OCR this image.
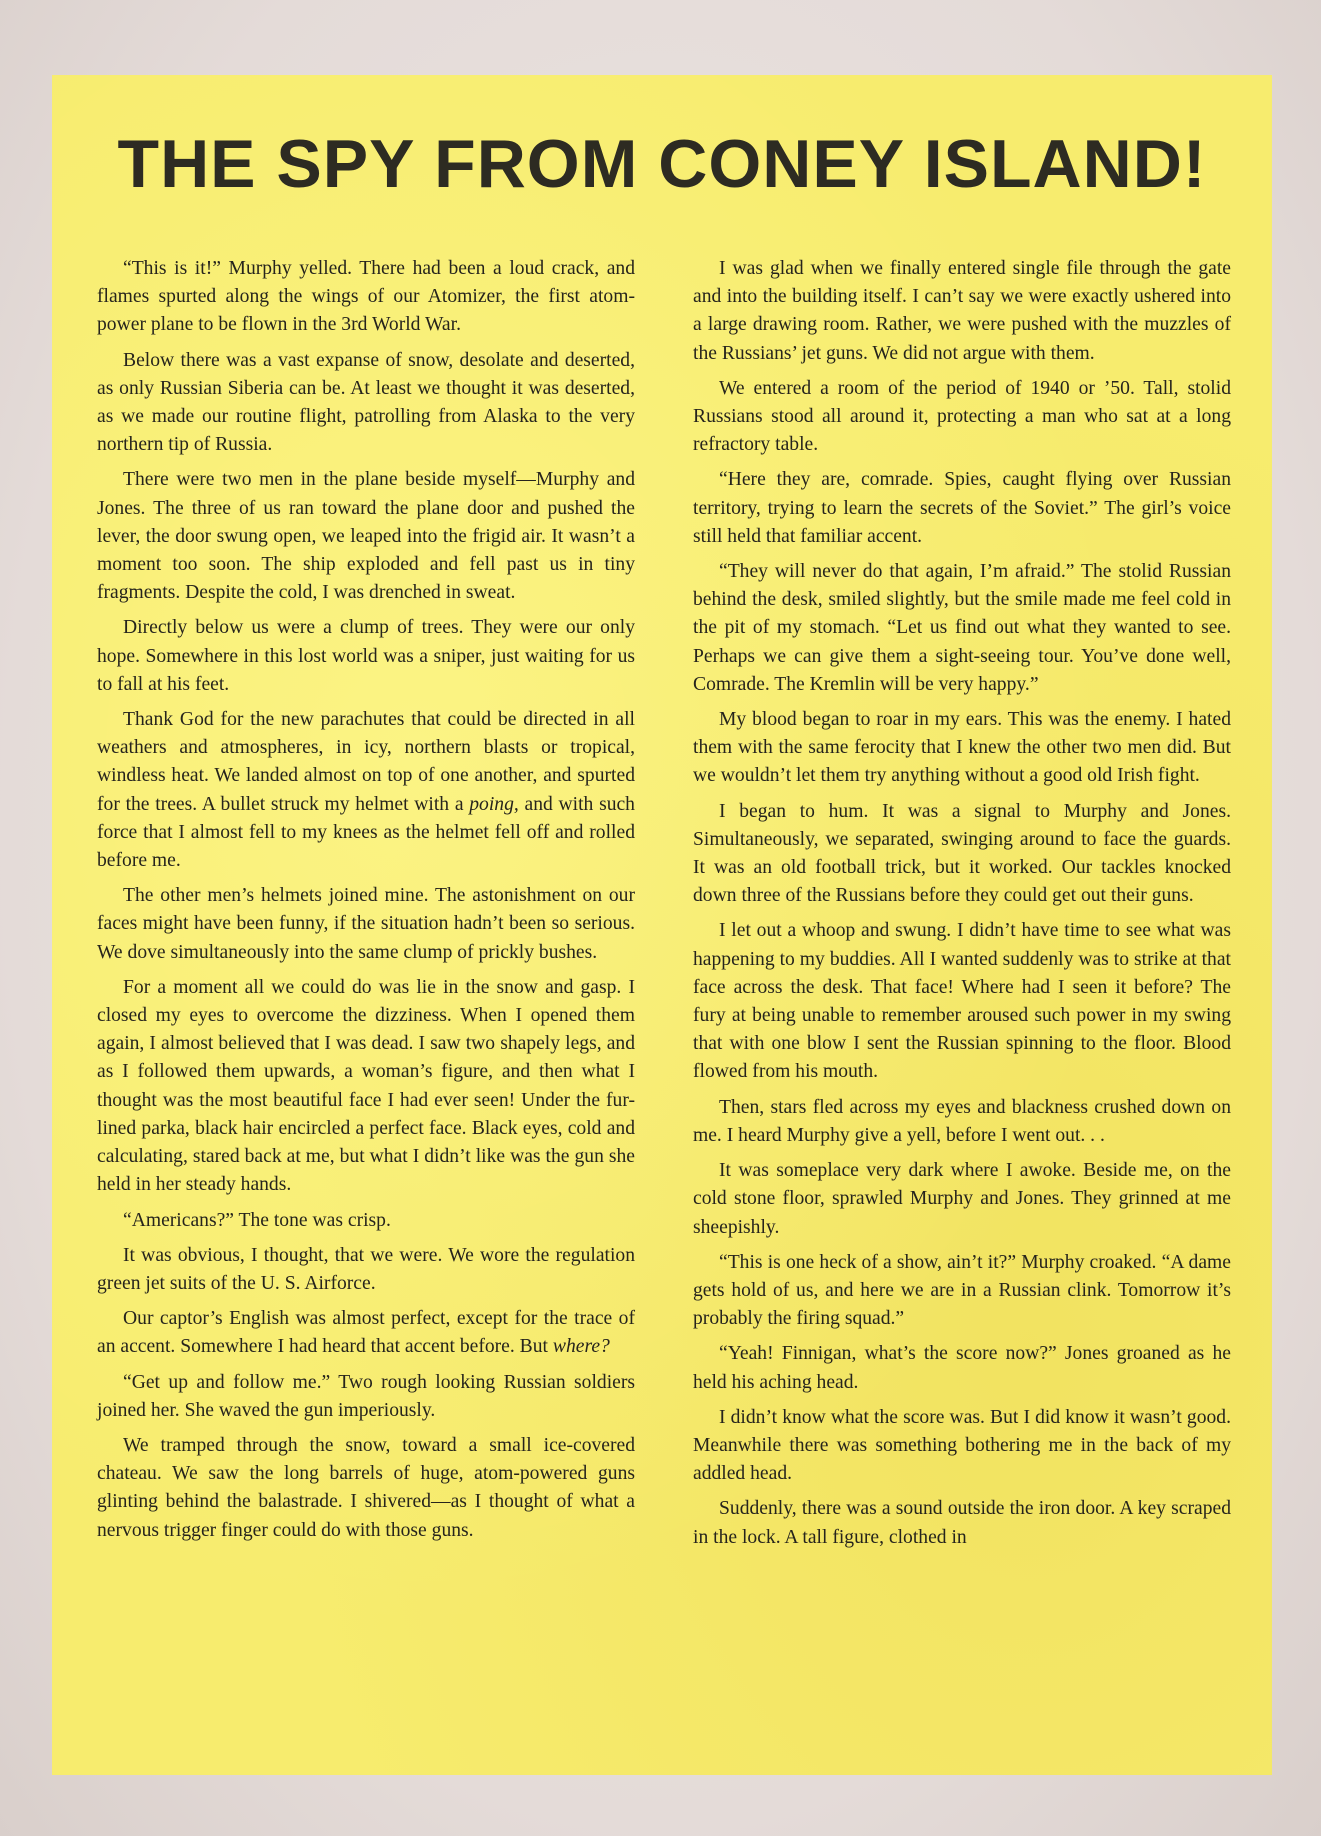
THE SPY FROM CONEY ISLAND!

“This is it!” Murphy yelled. There had been a loud crack, and flames spurted along the wings of our Atomizer, the first atom-power plane to be flown in the 3rd World War.

Below there was a vast expanse of snow, desolate and deserted, as only Russian Siberia can be. At least we thought it was deserted, as we made our routine flight, patrolling from Alaska to the very northern tip of Russia.

There were two men in the plane beside myself—Murphy and Jones. The three of us ran toward the plane door and pushed the lever, the door swung open, we leaped into the frigid air. It wasn’t a moment too soon. The ship exploded and fell past us in tiny fragments. Despite the cold, I was drenched in sweat.

Directly below us were a clump of trees. They were our only hope. Somewhere in this lost world was a sniper, just waiting for us to fall at his feet.

Thank God for the new parachutes that could be directed in all weathers and atmospheres, in icy, northern blasts or tropical, windless heat. We landed almost on top of one another, and spurted for the trees. A bullet struck my helmet with a poing, and with such force that I almost fell to my knees as the helmet fell off and rolled before me.

The other men’s helmets joined mine. The astonishment on our faces might have been funny, if the situation hadn’t been so serious. We dove simultaneously into the same clump of prickly bushes.

For a moment all we could do was lie in the snow and gasp. I closed my eyes to overcome the dizziness. When I opened them again, I almost believed that I was dead. I saw two shapely legs, and as I followed them upwards, a woman’s figure, and then what I thought was the most beautiful face I had ever seen! Under the fur-lined parka, black hair encircled a perfect face. Black eyes, cold and calculating, stared back at me, but what I didn’t like was the gun she held in her steady hands.

“Americans?” The tone was crisp.

It was obvious, I thought, that we were. We wore the regulation green jet suits of the U. S. Airforce.

Our captor’s English was almost perfect, except for the trace of an accent. Somewhere I had heard that accent before. But where?

“Get up and follow me.” Two rough looking Russian soldiers joined her. She waved the gun imperiously.

We tramped through the snow, toward a small ice-covered chateau. We saw the long barrels of huge, atom-powered guns glinting behind the balastrade. I shivered—as I thought of what a nervous trigger finger could do with those guns.

I was glad when we finally entered single file through the gate and into the building itself. I can’t say we were exactly ushered into a large drawing room. Rather, we were pushed with the muzzles of the Russians’ jet guns. We did not argue with them.

We entered a room of the period of 1940 or ’50. Tall, stolid Russians stood all around it, protecting a man who sat at a long refractory table.

“Here they are, comrade. Spies, caught flying over Russian territory, trying to learn the secrets of the Soviet.” The girl’s voice still held that familiar accent.

“They will never do that again, I’m afraid.” The stolid Russian behind the desk, smiled slightly, but the smile made me feel cold in the pit of my stomach. “Let us find out what they wanted to see. Perhaps we can give them a sight-seeing tour. You’ve done well, Comrade. The Kremlin will be very happy.”

My blood began to roar in my ears. This was the enemy. I hated them with the same ferocity that I knew the other two men did. But we wouldn’t let them try anything without a good old Irish fight.

I began to hum. It was a signal to Murphy and Jones. Simultaneously, we separated, swinging around to face the guards. It was an old football trick, but it worked. Our tackles knocked down three of the Russians before they could get out their guns.

I let out a whoop and swung. I didn’t have time to see what was happening to my buddies. All I wanted suddenly was to strike at that face across the desk. That face! Where had I seen it before? The fury at being unable to remember aroused such power in my swing that with one blow I sent the Russian spinning to the floor. Blood flowed from his mouth.

Then, stars fled across my eyes and blackness crushed down on me. I heard Murphy give a yell, before I went out. . .

It was someplace very dark where I awoke. Beside me, on the cold stone floor, sprawled Murphy and Jones. They grinned at me sheepishly.

“This is one heck of a show, ain’t it?” Murphy croaked. “A dame gets hold of us, and here we are in a Russian clink. Tomorrow it’s probably the firing squad.”

“Yeah! Finnigan, what’s the score now?” Jones groaned as he held his aching head.

I didn’t know what the score was. But I did know it wasn’t good. Meanwhile there was something bothering me in the back of my addled head.

Suddenly, there was a sound outside the iron door. A key scraped in the lock. A tall figure, clothed in
